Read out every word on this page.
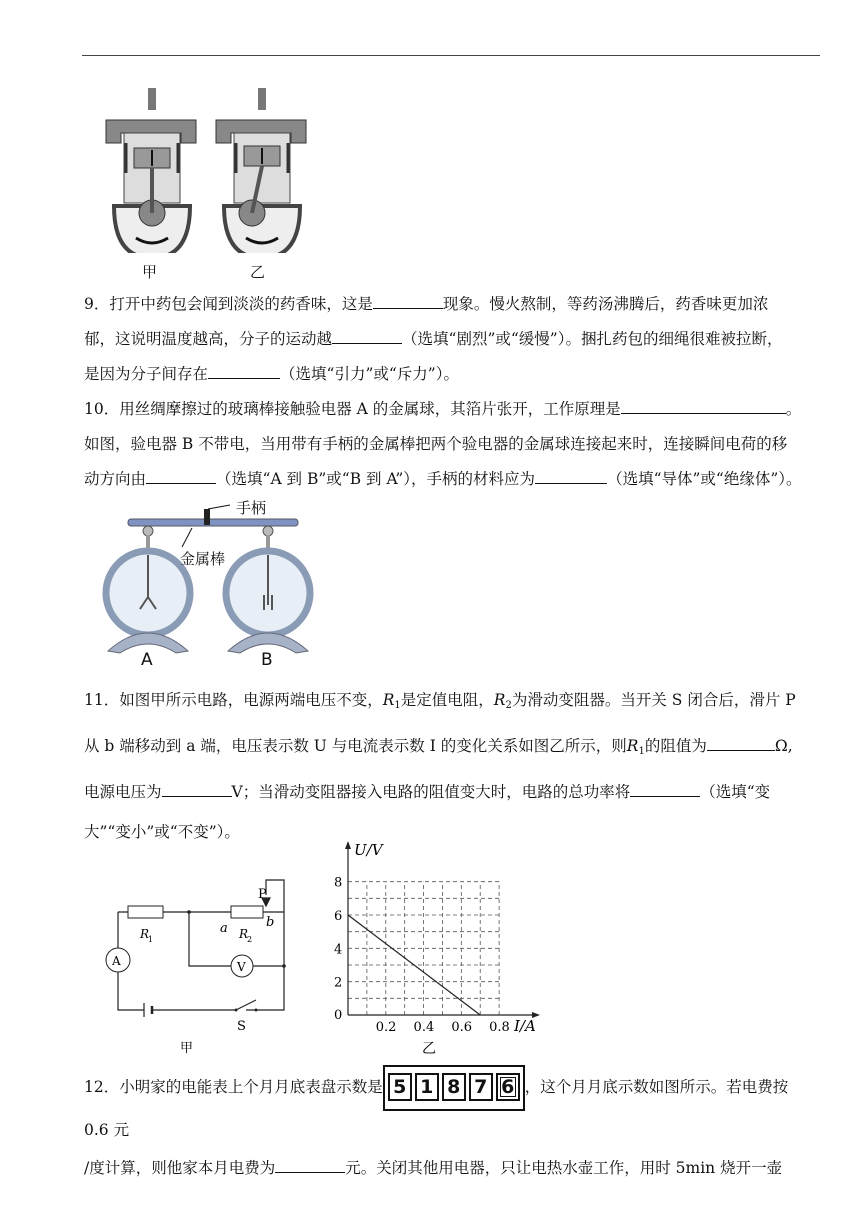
甲	乙

9．打开中药包会闻到淡淡的药香味，这是	现象。慢火熬制，等药汤沸腾后，药香味更加浓
郁，这说明温度越高，分子的运动越	（选填“剧烈”或“缓慢”）。捆扎药包的细绳很难被拉断，
是因为分子间存在	（选填“引力”或“斥力”）。

10．用丝绸摩擦过的玻璃棒接触验电器 A 的金属球，其箔片张开，工作原理是	。
如图，验电器 B 不带电，当用带有手柄的金属棒把两个验电器的金属球连接起来时，连接瞬间电荷的移
动方向由	（选填“A 到 B”或“B 到 A”），手柄的材料应为	（选填“导体”或“绝缘体”）。

手柄
金属棒
A	B

11．如图甲所示电路，电源两端电压不变，$R_1$是定值电阻，$R_2$为滑动变阻器。当开关 S 闭合后，滑片 P
从 b 端移动到 a 端，电压表示数 U 与电流表示数 I 的变化关系如图乙所示，则$R_1$的阻值为	Ω,
电源电压为	V；当滑动变阻器接入电路的阻值变大时，电路的总功率将	（选填“变
大”“变小”或“不变”）。

A	V
P
a	b
R
1	R
2
S
甲
0.2 0.4 0.6 0.8
2
4
6
8
U/V
I/A
0
乙

12．小明家的电能表上个月月底表盘示数是 5 1 8 7 6 ，这个月月底示数如图所示。若电费按 0.6 元
/度计算，则他家本月电费为	元。关闭其他用电器，只让电热水壶工作，用时 5min 烧开一壶
